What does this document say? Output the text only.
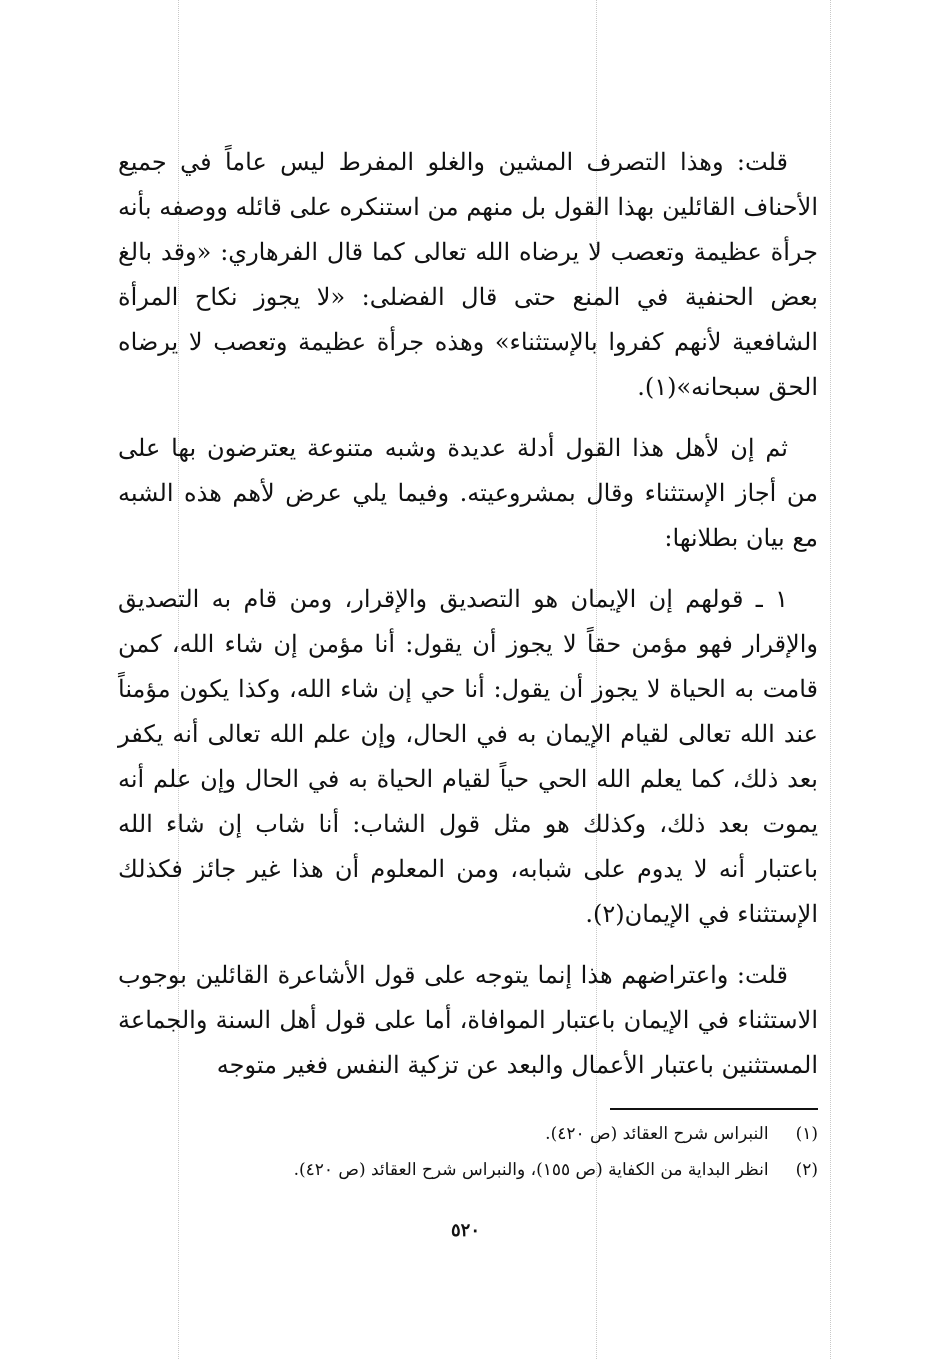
قلت: وهذا التصرف المشين والغلو المفرط ليس عاماً في جميع الأحناف القائلين بهذا القول بل منهم من استنكره على قائله ووصفه بأنه جرأة عظيمة وتعصب لا يرضاه الله تعالى كما قال الفرهاري: «وقد بالغ بعض الحنفية في المنع حتى قال الفضلى: «لا يجوز نكاح المرأة الشافعية لأنهم كفروا بالإستثناء» وهذه جرأة عظيمة وتعصب لا يرضاه الحق سبحانه»(١).

ثم إن لأهل هذا القول أدلة عديدة وشبه متنوعة يعترضون بها على من أجاز الإستثناء وقال بمشروعيته. وفيما يلي عرض لأهم هذه الشبه مع بيان بطلانها:

١ ـ قولهم إن الإيمان هو التصديق والإقرار، ومن قام به التصديق والإقرار فهو مؤمن حقاً لا يجوز أن يقول: أنا مؤمن إن شاء الله، كمن قامت به الحياة لا يجوز أن يقول: أنا حي إن شاء الله، وكذا يكون مؤمناً عند الله تعالى لقيام الإيمان به في الحال، وإن علم الله تعالى أنه يكفر بعد ذلك، كما يعلم الله الحي حياً لقيام الحياة به في الحال وإن علم أنه يموت بعد ذلك، وكذلك هو مثل قول الشاب: أنا شاب إن شاء الله باعتبار أنه لا يدوم على شبابه، ومن المعلوم أن هذا غير جائز فكذلك الإستثناء في الإيمان(٢).

قلت: واعتراضهم هذا إنما يتوجه على قول الأشاعرة القائلين بوجوب الاستثناء في الإيمان باعتبار الموافاة، أما على قول أهل السنة والجماعة المستثنين باعتبار الأعمال والبعد عن تزكية النفس فغير متوجه

(١) النبراس شرح العقائد (ص ٤٢٠).

(٢) انظر البداية من الكفاية (ص ١٥٥)، والنبراس شرح العقائد (ص ٤٢٠).

٥٢٠
